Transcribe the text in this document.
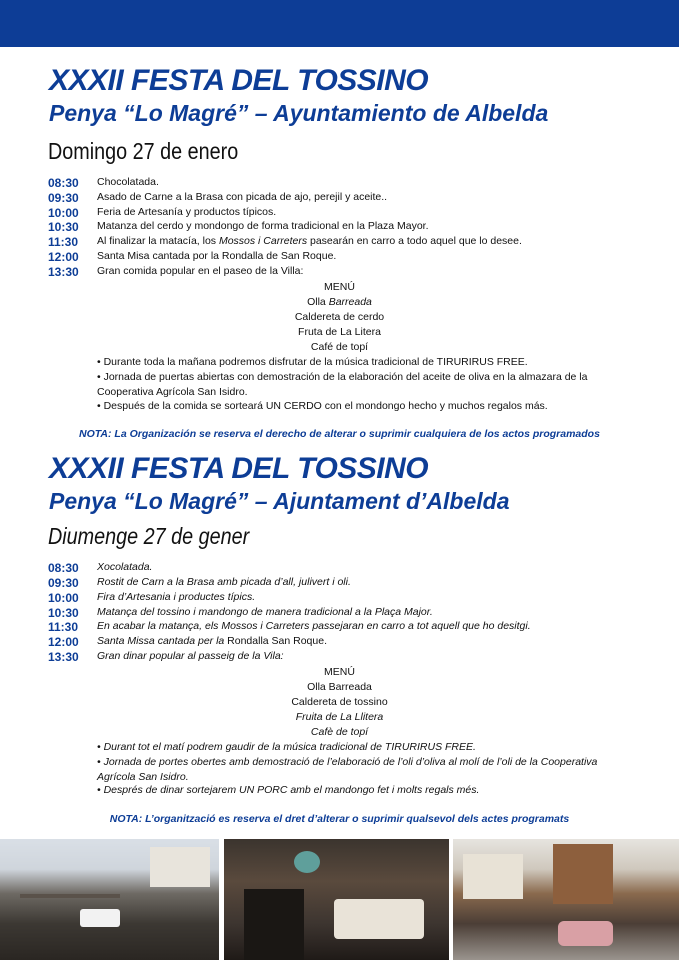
XXXII FESTA DEL TOSSINO
Penya “Lo Magré” – Ayuntamiento de Albelda
Domingo 27 de enero
08:30 Chocolatada.
09:30 Asado de Carne a la Brasa con picada de ajo, perejil y aceite..
10:00 Feria de Artesanía y productos típicos.
10:30 Matanza del cerdo y mondongo de forma tradicional en la Plaza Mayor.
11:30 Al finalizar la matacía, los Mossos i Carreters pasearán en carro a todo aquel que lo desee.
12:00 Santa Misa cantada por la Rondalla de San Roque.
13:30 Gran comida popular en el paseo de la Villa:
MENÚ
Olla Barreada
Caldereta de cerdo
Fruta de La Litera
Café de topí
• Durante toda la mañana podremos disfrutar de la música tradicional de TIRURIRUS FREE.
• Jornada de puertas abiertas con demostración de la elaboración del aceite de oliva en la almazara de la Cooperativa Agrícola San Isidro.
• Después de la comida se sorteará UN CERDO con el mondongo hecho y muchos regalos más.
NOTA: La Organización se reserva el derecho de alterar o suprimir cualquiera de los actos programados
XXXII FESTA DEL TOSSINO
Penya “Lo Magré” – Ajuntament d’Albelda
Diumenge 27 de gener
08:30 Xocolatada.
09:30 Rostit de Carn a la Brasa amb picada d’all, julivert i oli.
10:00 Fira d’Artesania i productes típics.
10:30 Matança del tossino i mandongo de manera tradicional a la Plaça Major.
11:30 En acabar la matança, els Mossos i Carreters passejaran en carro a tot aquell que ho desitgi.
12:00 Santa Missa cantada per la Rondalla San Roque.
13:30 Gran dinar popular al passeig de la Vila:
MENÚ
Olla Barreada
Caldereta de tossino
Fruita de La Llitera
Cafè de topí
• Durant tot el matí podrem gaudir de la música tradicional de TIRURIRUS FREE.
• Jornada de portes obertes amb demostració de l’elaboració de l’oli d’oliva al molí de l’oli de la Cooperativa Agrícola San Isidro.
• Després de dinar sortejarem UN PORC amb el mandongo fet i molts regals més.
NOTA: L’organització es reserva el dret d’alterar o suprimir qualsevol dels actes programats
